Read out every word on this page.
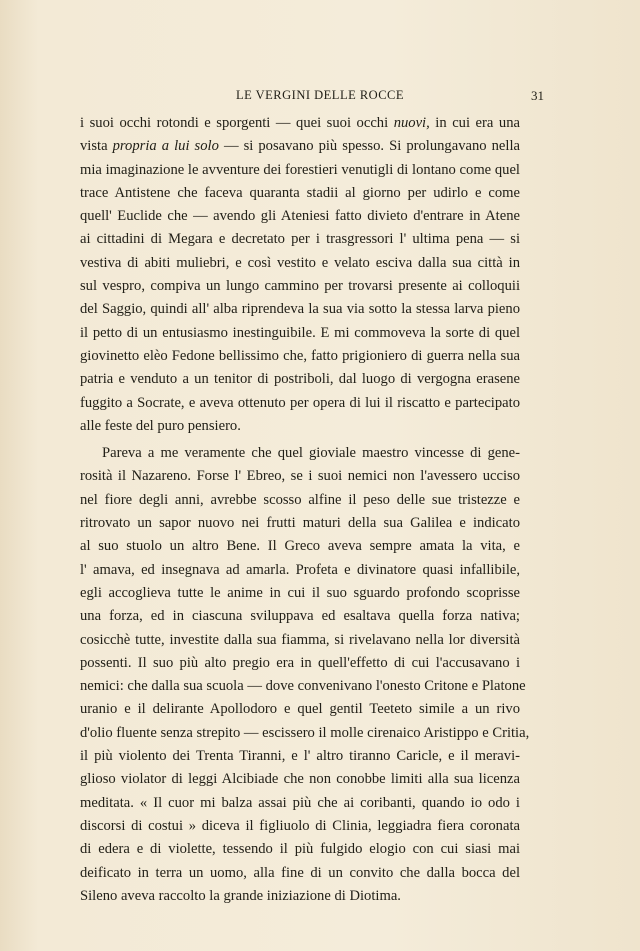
LE VERGINI DELLE ROCCE	31
i suoi occhi rotondi e sporgenti — quei suoi occhi nuovi, in cui era una
vista propria a lui solo — si posavano più spesso. Si prolungavano nella
mia imaginazione le avventure dei forestieri venutigli di lontano come quel
trace Antistene che faceva quaranta stadii al giorno per udirlo e come
quell' Euclide che — avendo gli Ateniesi fatto divieto d'entrare in Atene
ai cittadini di Megara e decretato per i trasgressori l' ultima pena — si
vestiva di abiti muliebri, e così vestito e velato esciva dalla sua città in
sul vespro, compiva un lungo cammino per trovarsi presente ai colloquii
del Saggio, quindi all' alba riprendeva la sua via sotto la stessa larva pieno
il petto di un entusiasmo inestinguibile. E mi commoveva la sorte di quel
giovinetto elèo Fedone bellissimo che, fatto prigioniero di guerra nella sua
patria e venduto a un tenitor di postriboli, dal luogo di vergogna erasene
fuggito a Socrate, e aveva ottenuto per opera di lui il riscatto e partecipato
alle feste del puro pensiero.
Pareva a me veramente che quel gioviale maestro vincesse di gene-
rosità il Nazareno. Forse l' Ebreo, se i suoi nemici non l'avessero ucciso
nel fiore degli anni, avrebbe scosso alfine il peso delle sue tristezze e
ritrovato un sapor nuovo nei frutti maturi della sua Galilea e indicato
al suo stuolo un altro Bene. Il Greco aveva sempre amata la vita, e
l' amava, ed insegnava ad amarla. Profeta e divinatore quasi infallibile,
egli accoglieva tutte le anime in cui il suo sguardo profondo scoprisse
una forza, ed in ciascuna sviluppava ed esaltava quella forza nativa;
cosicchè tutte, investite dalla sua fiamma, si rivelavano nella lor diversità
possenti. Il suo più alto pregio era in quell'effetto di cui l'accusavano i
nemici: che dalla sua scuola — dove convenivano l'onesto Critone e Platone
uranio e il delirante Apollodoro e quel gentil Teeteto simile a un rivo
d'olio fluente senza strepito — escissero il molle cirenaico Aristippo e Critia,
il più violento dei Trenta Tiranni, e l' altro tiranno Caricle, e il meravi-
glioso violator di leggi Alcibiade che non conobbe limiti alla sua licenza
meditata. « Il cuor mi balza assai più che ai coribanti, quando io odo i
discorsi di costui » diceva il figliuolo di Clinia, leggiadra fiera coronata
di edera e di violette, tessendo il più fulgido elogio con cui siasi mai
deificato in terra un uomo, alla fine di un convito che dalla bocca del
Sileno aveva raccolto la grande iniziazione di Diotima.
